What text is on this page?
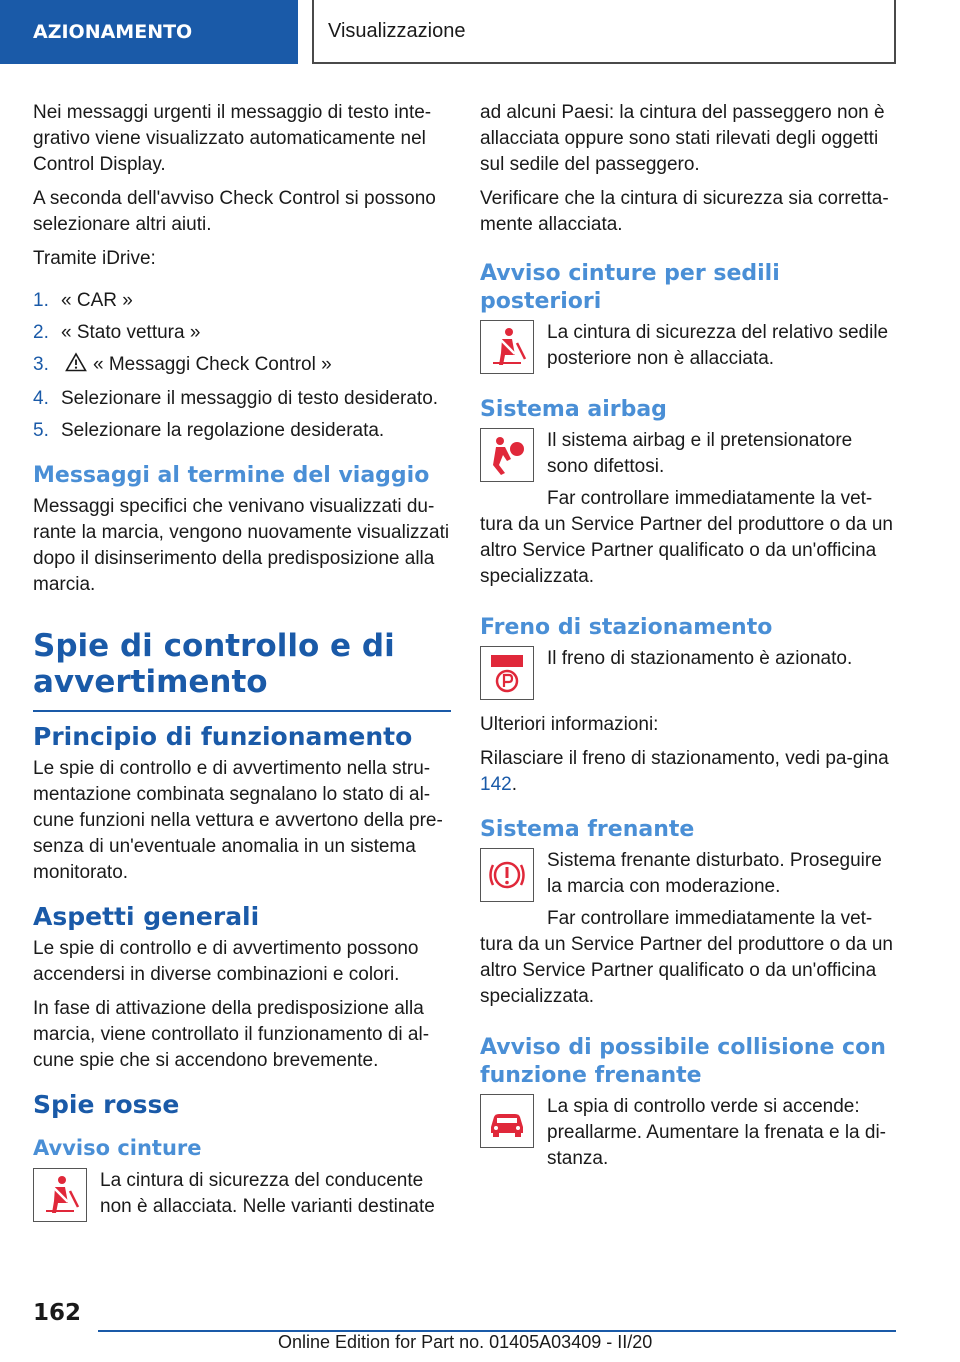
AZIONAMENTO	Visualizzazione

Nei messaggi urgenti il messaggio di testo inte‐grativo viene visualizzato automaticamente nel Control Display.

A seconda dell'avviso Check Control si possono selezionare altri aiuti.

Tramite iDrive:

1. « CAR »
2. « Stato vettura »
3.	« Messaggi Check Control »
4. Selezionare il messaggio di testo desiderato.
5. Selezionare la regolazione desiderata.
Messaggi al termine del viaggio

Messaggi specifici che venivano visualizzati du‐rante la marcia, vengono nuovamente visualizzati dopo il disinserimento della predisposizione alla marcia.

Spie di controllo e di avvertimento
Principio di funzionamento

Le spie di controllo e di avvertimento nella stru‐mentazione combinata segnalano lo stato di al‐cune funzioni nella vettura e avvertono della pre‐senza di un'eventuale anomalia in un sistema monitorato.

Aspetti generali

Le spie di controllo e di avvertimento possono accendersi in diverse combinazioni e colori.

In fase di attivazione della predisposizione alla marcia, viene controllato il funzionamento di al‐cune spie che si accendono brevemente.

Spie rosse
Avviso cinture

La cintura di sicurezza del conducente non è allacciata. Nelle varianti destinate

ad alcuni Paesi: la cintura del passeggero non è allacciata oppure sono stati rilevati degli oggetti sul sedile del passeggero.

Verificare che la cintura di sicurezza sia corretta‐mente allacciata.

Avviso cinture per sedili posteriori

La cintura di sicurezza del relativo sedile posteriore non è allacciata.

Sistema airbag

Il sistema airbag e il pretensionatore sono difettosi.

Far controllare immediatamente la vet‐tura da un Service Partner del produttore o da un altro Service Partner qualificato o da un'officina specializzata.

Freno di stazionamento

Il freno di stazionamento è azionato.

Ulteriori informazioni:

Rilasciare il freno di stazionamento, vedi pa‐gina 142.

Sistema frenante

Sistema frenante disturbato. Proseguire la marcia con moderazione.

Far controllare immediatamente la vet‐tura da un Service Partner del produttore o da un altro Service Partner qualificato o da un'officina specializzata.

Avviso di possibile collisione con funzione frenante

La spia di controllo verde si accende: preallarme. Aumentare la frenata e la di‐stanza.

162
Online Edition for Part no. 01405A03409 - II/20
